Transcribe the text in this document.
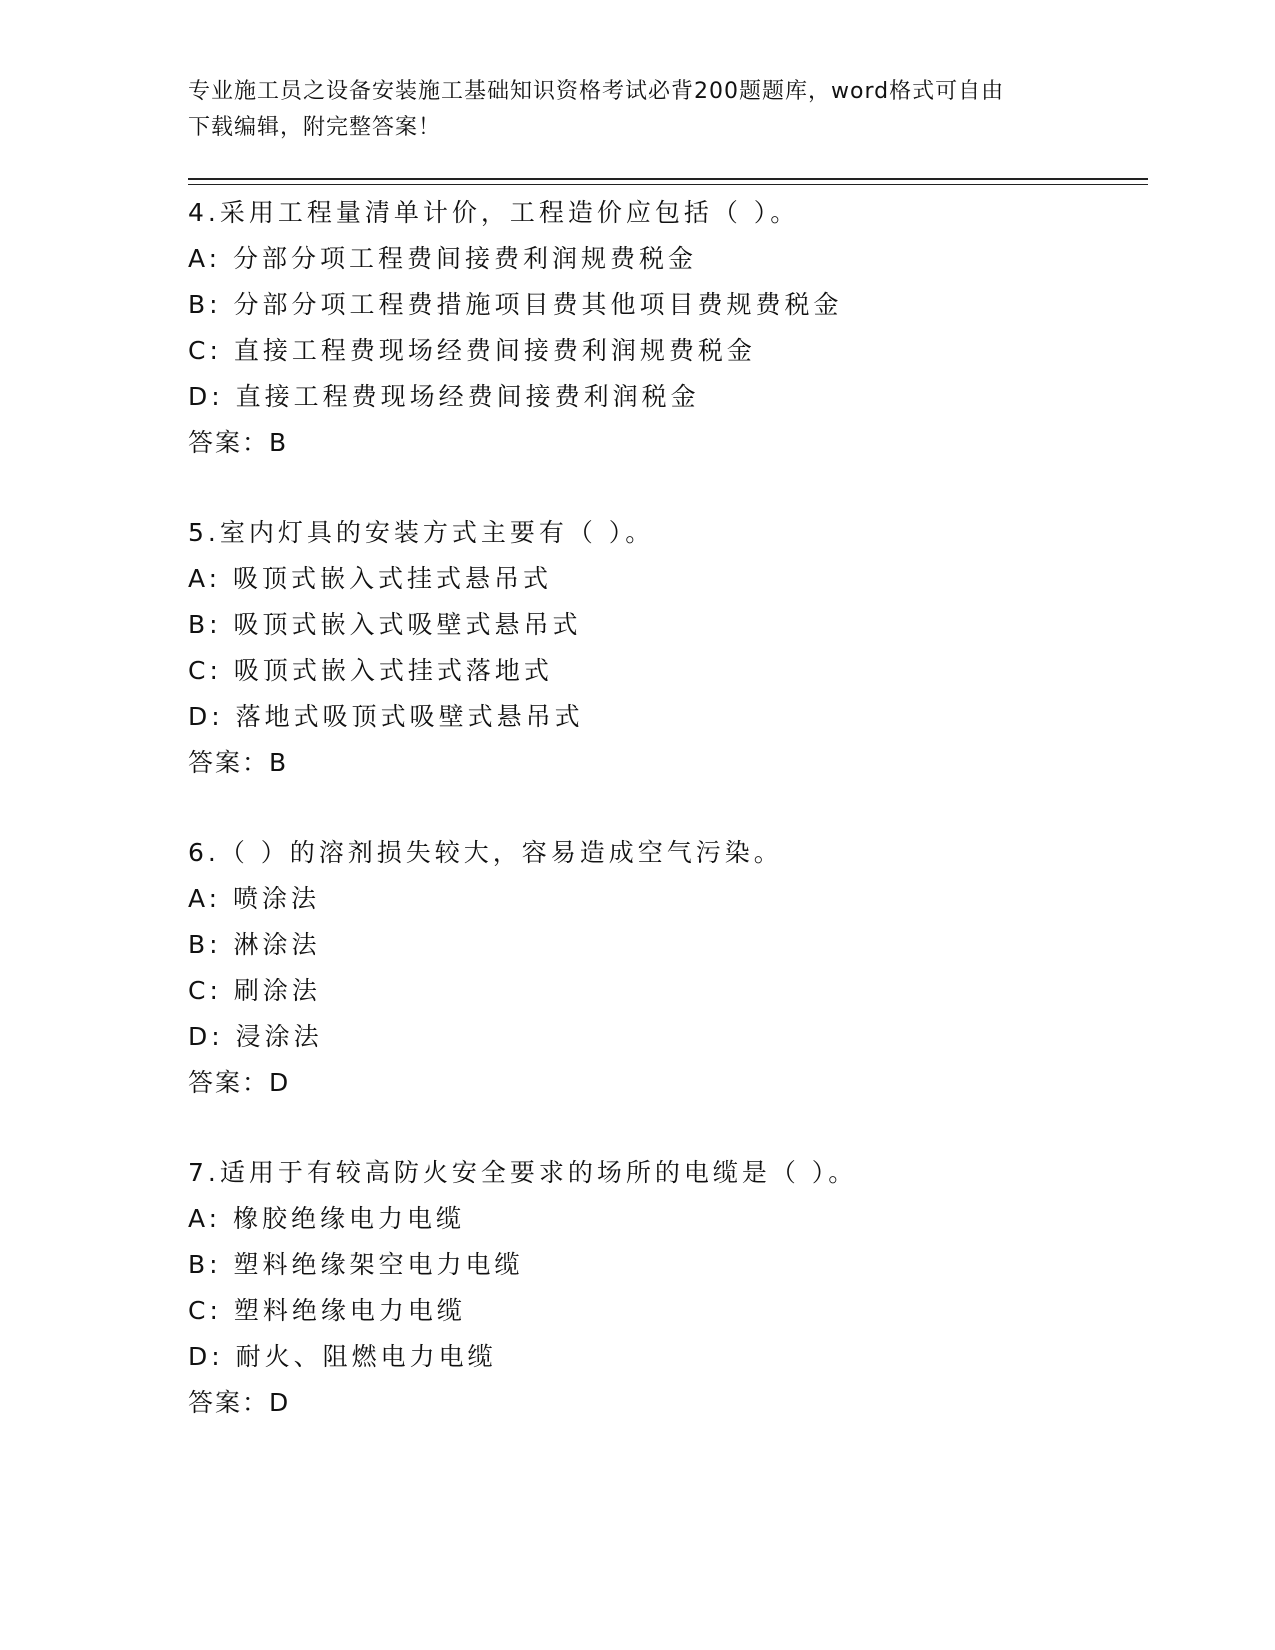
专业施工员之设备安装施工基础知识资格考试必背200题题库，word格式可自由
下载编辑，附完整答案！
4.采用工程量清单计价，工程造价应包括（ ）。
A: 分部分项工程费间接费利润规费税金
B: 分部分项工程费措施项目费其他项目费规费税金
C: 直接工程费现场经费间接费利润规费税金
D: 直接工程费现场经费间接费利润税金
答案：B
5.室内灯具的安装方式主要有（ ）。
A: 吸顶式嵌入式挂式悬吊式
B: 吸顶式嵌入式吸壁式悬吊式
C: 吸顶式嵌入式挂式落地式
D: 落地式吸顶式吸壁式悬吊式
答案：B
6.（ ）的溶剂损失较大，容易造成空气污染。
A: 喷涂法
B: 淋涂法
C: 刷涂法
D: 浸涂法
答案：D
7.适用于有较高防火安全要求的场所的电缆是（ ）。
A: 橡胶绝缘电力电缆
B: 塑料绝缘架空电力电缆
C: 塑料绝缘电力电缆
D: 耐火、阻燃电力电缆
答案：D
